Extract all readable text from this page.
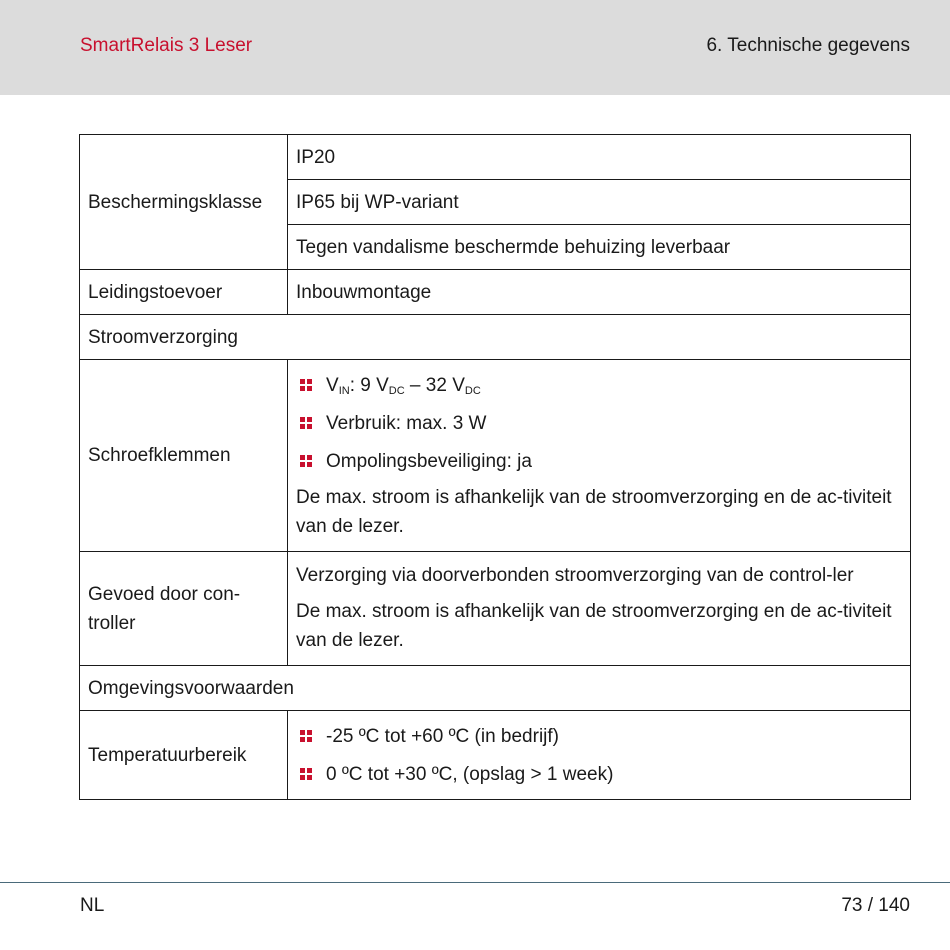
SmartRelais 3 Leser	6. Technische gegevens
Beschermingsklasse	IP20
	IP65 bij WP-variant
	Tegen vandalisme beschermde behuizing leverbaar
Leidingstoevoer	Inbouwmontage
Stroomverzorging	
Schroefklemmen	$V_{IN}$: 9 $V_{DC} - 32$ $V_{DC}$
Verbruik: max. 3 W
Ompolingsbeveiliging: ja
De max. stroom is afhankelijk van de stroomverzorging en de ac-tiviteit van de lezer.

Gevoed door con-troller	Verzorging via doorverbonden stroomverzorging van de control-ler
De max. stroom is afhankelijk van de stroomverzorging en de ac-tiviteit van de lezer.

Omgevingsvoorwaarden	
Temperatuurbereik	-25 ºC tot +60 ºC (in bedrijf)
0 ºC tot +30 ºC, (opslag > 1 week)
NL	73 / 140
